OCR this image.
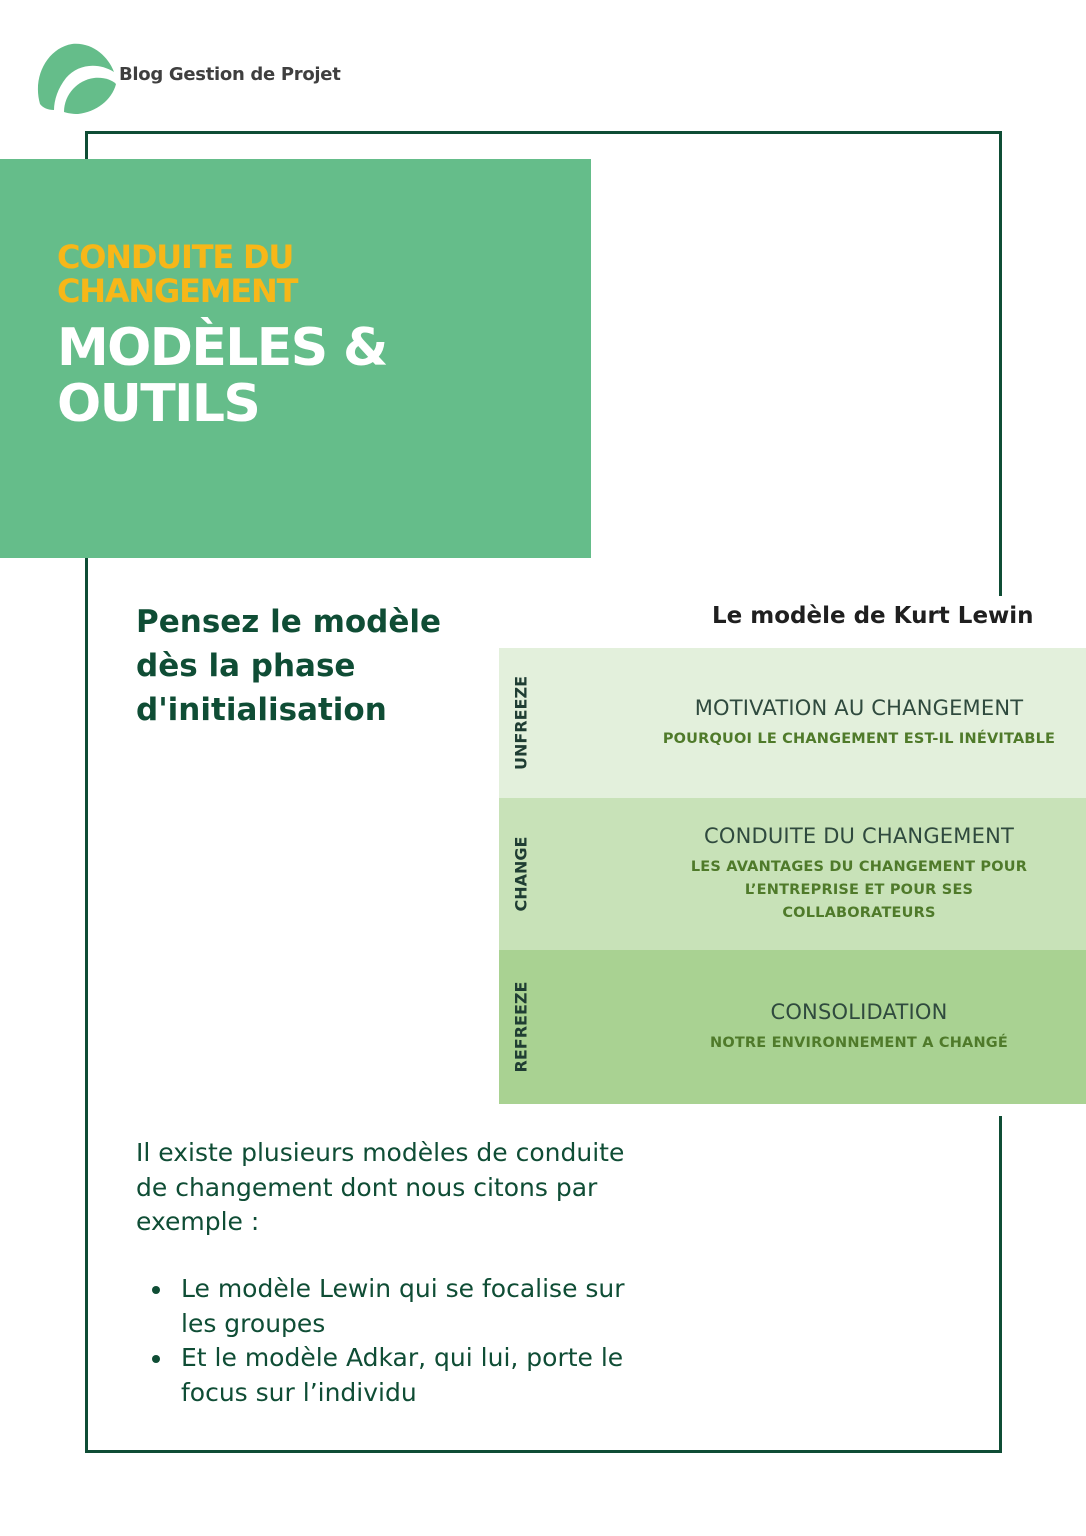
Blog Gestion de Projet
CONDUITE DU CHANGEMENT
MODÈLES & OUTILS
Pensez le modèle dès la phase d'initialisation
Le modèle de Kurt Lewin
UNFREEZE	MOTIVATION AU CHANGEMENT
POURQUOI LE CHANGEMENT EST-IL INÉVITABLE
CHANGE
CONDUITE DU CHANGEMENT
LES AVANTAGES DU CHANGEMENT POUR L’ENTREPRISE ET POUR SES COLLABORATEURS
REFREEZE	CONSOLIDATION
NOTRE ENVIRONNEMENT A CHANGÉ

Il existe plusieurs modèles de conduite de changement dont nous citons par exemple :

Le modèle Lewin qui se focalise sur les groupes
Et le modèle Adkar, qui lui, porte le focus sur l’individu
